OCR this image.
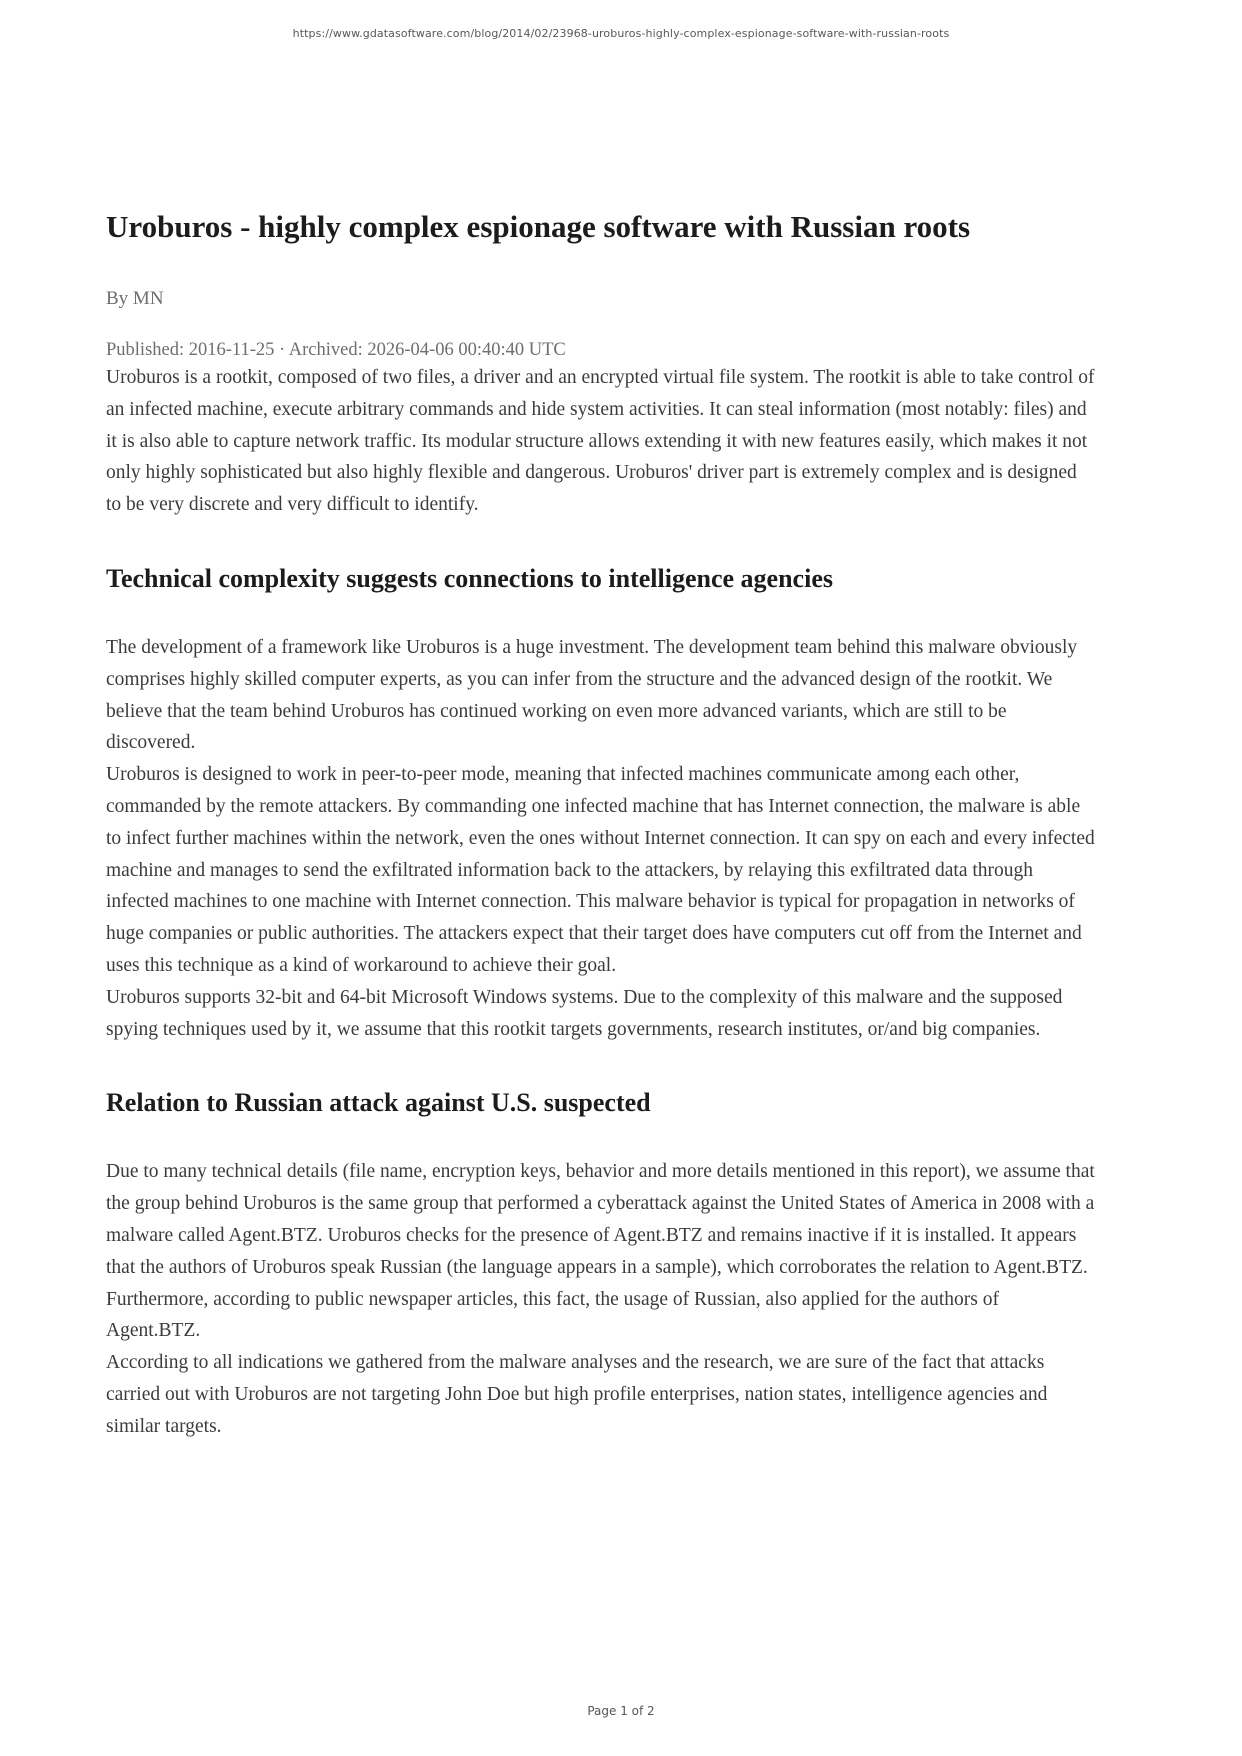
https://www.gdatasoftware.com/blog/2014/02/23968-uroburos-highly-complex-espionage-software-with-russian-roots
Uroburos - highly complex espionage software with Russian roots
By MN
Published: 2016-11-25 · Archived: 2026-04-06 00:40:40 UTC

Uroburos is a rootkit, composed of two files, a driver and an encrypted virtual file system. The rootkit is able to take control of an infected machine, execute arbitrary commands and hide system activities. It can steal information (most notably: files) and it is also able to capture network traffic. Its modular structure allows extending it with new features easily, which makes it not only highly sophisticated but also highly flexible and dangerous. Uroburos' driver part is extremely complex and is designed to be very discrete and very difficult to identify.

Technical complexity suggests connections to intelligence agencies

The development of a framework like Uroburos is a huge investment. The development team behind this malware obviously comprises highly skilled computer experts, as you can infer from the structure and the advanced design of the rootkit. We believe that the team behind Uroburos has continued working on even more advanced variants, which are still to be discovered.

Uroburos is designed to work in peer-to-peer mode, meaning that infected machines communicate among each other, commanded by the remote attackers. By commanding one infected machine that has Internet connection, the malware is able to infect further machines within the network, even the ones without Internet connection. It can spy on each and every infected machine and manages to send the exfiltrated information back to the attackers, by relaying this exfiltrated data through infected machines to one machine with Internet connection. This malware behavior is typical for propagation in networks of huge companies or public authorities. The attackers expect that their target does have computers cut off from the Internet and uses this technique as a kind of workaround to achieve their goal.

Uroburos supports 32-bit and 64-bit Microsoft Windows systems. Due to the complexity of this malware and the supposed spying techniques used by it, we assume that this rootkit targets governments, research institutes, or/and big companies.

Relation to Russian attack against U.S. suspected

Due to many technical details (file name, encryption keys, behavior and more details mentioned in this report), we assume that the group behind Uroburos is the same group that performed a cyberattack against the United States of America in 2008 with a malware called Agent.BTZ. Uroburos checks for the presence of Agent.BTZ and remains inactive if it is installed. It appears that the authors of Uroburos speak Russian (the language appears in a sample), which corroborates the relation to Agent.BTZ. Furthermore, according to public newspaper articles, this fact, the usage of Russian, also applied for the authors of Agent.BTZ.

According to all indications we gathered from the malware analyses and the research, we are sure of the fact that attacks carried out with Uroburos are not targeting John Doe but high profile enterprises, nation states, intelligence agencies and similar targets.

Page 1 of 2
